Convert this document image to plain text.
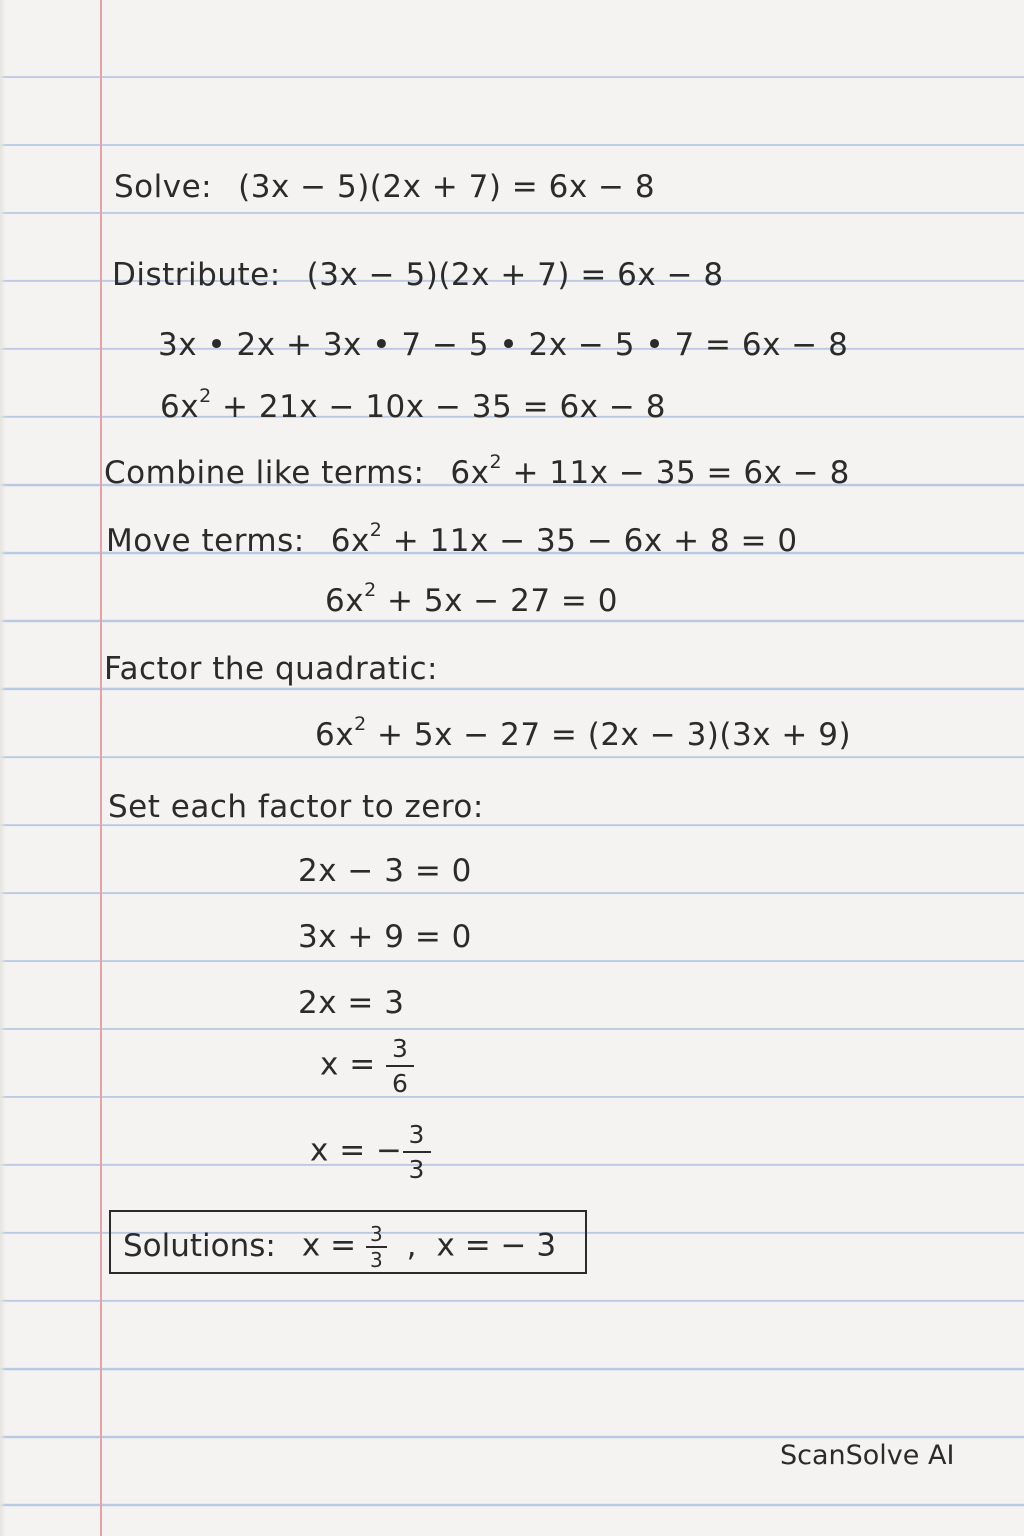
Solve: (3x − 5)(2x + 7) = 6x − 8
Distribute: (3x − 5)(2x + 7) = 6x − 8
3x • 2x + 3x • 7 − 5 • 2x − 5 • 7 = 6x − 8
$6x^2 + 21x - 10x - 35 = 6x - 8$
Combine like terms: $6x^2 + 11x - 35 = 6x - 8$
Move terms: $6x^2 + 11x - 35 - 6x + 8 = 0$
$6x^2 + 5x - 27 = 0$
Factor the quadratic:
$6x^2 + 5x - 27 = (2x - 3)(3x + 9)$
Set each factor to zero:
2x − 3 = 0
3x + 9 = 0
2x = 3
$x = \frac{3}{6}$
x = − $\frac{3}{3}$
Solutions: $x = \frac{3}{3}$ , x = − 3
ScanSolve AI
